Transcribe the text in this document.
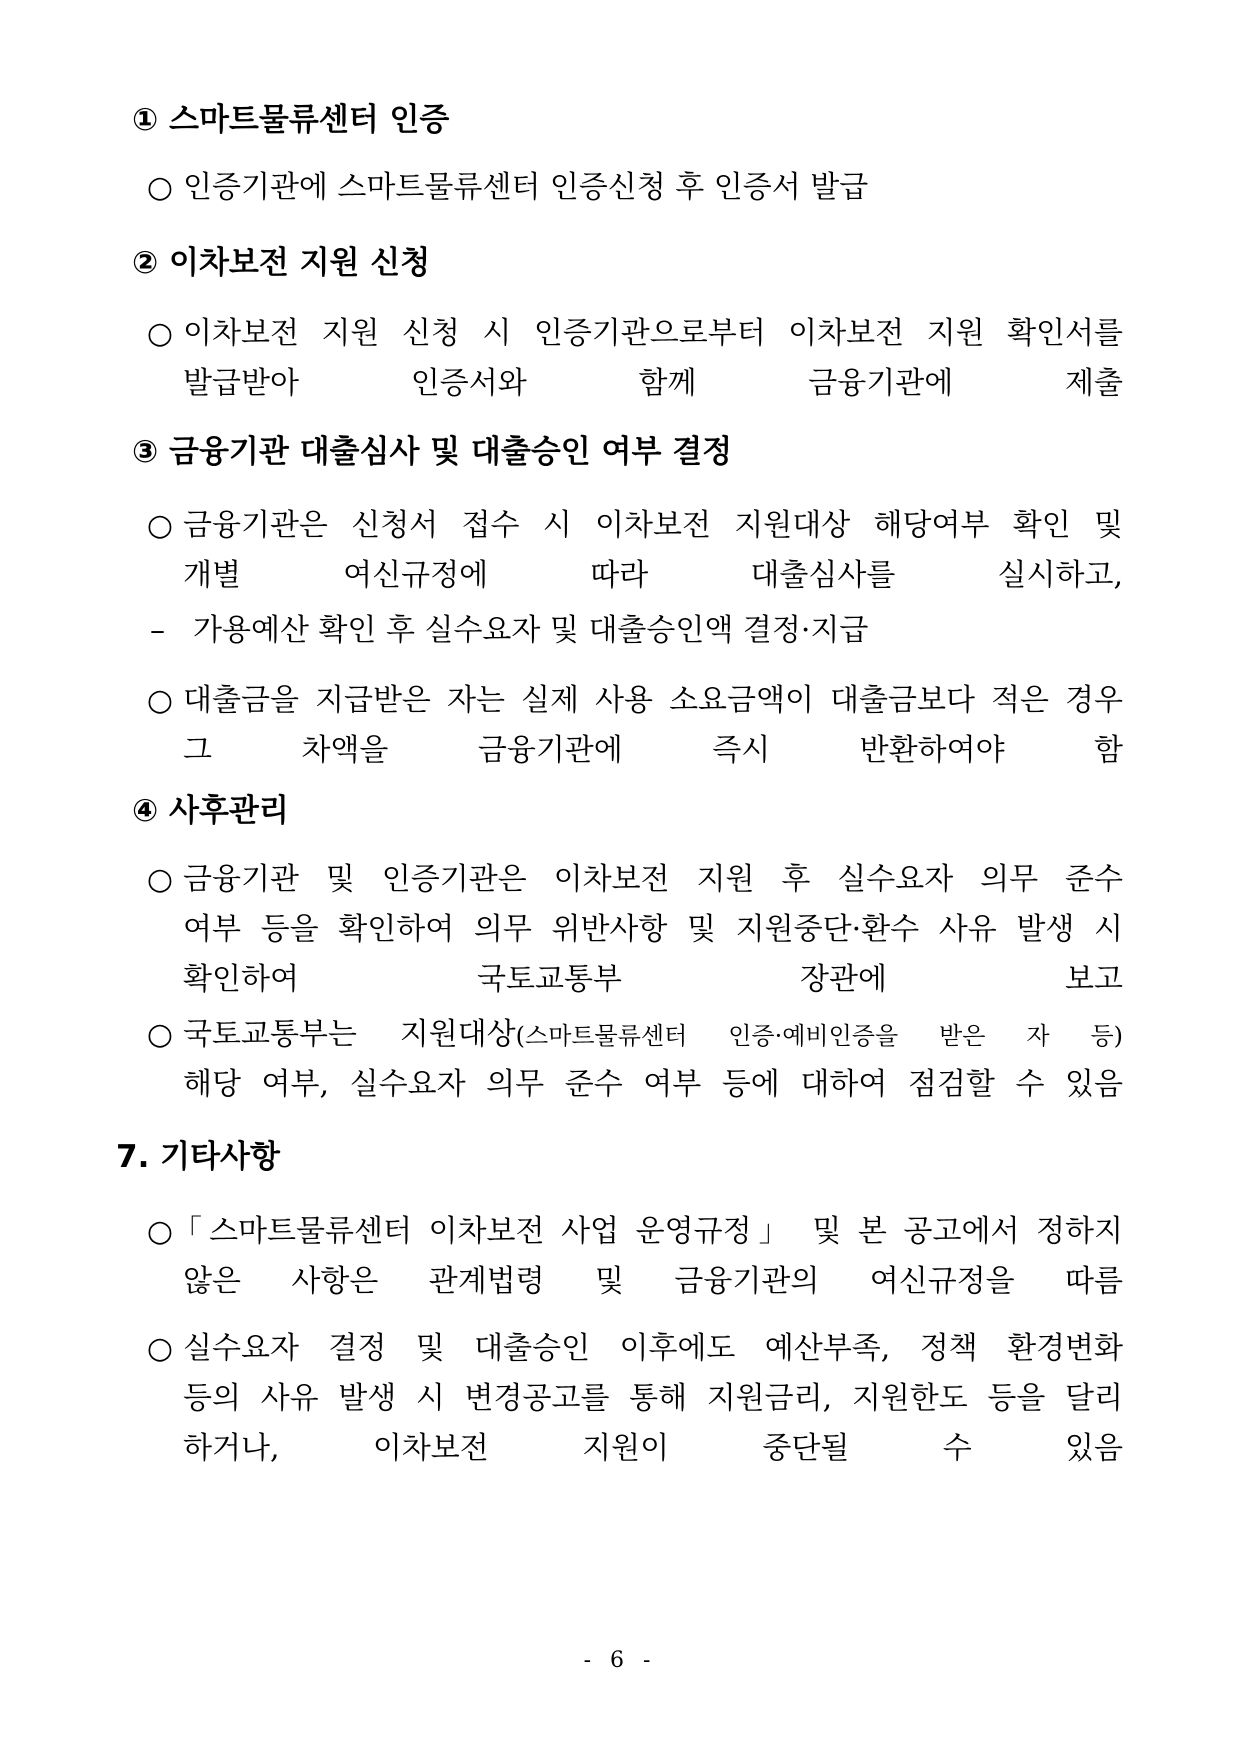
① 스마트물류센터 인증
○ 인증기관에 스마트물류센터 인증신청 후 인증서 발급
② 이차보전 지원 신청
○ 이차보전 지원 신청 시 인증기관으로부터 이차보전 지원 확인서를
발급받아 인증서와 함께 금융기관에 제출
③ 금융기관 대출심사 및 대출승인 여부 결정
○ 금융기관은 신청서 접수 시 이차보전 지원대상 해당여부 확인 및
개별 여신규정에 따라 대출심사를 실시하고,
– 가용예산 확인 후 실수요자 및 대출승인액 결정·지급
○ 대출금을 지급받은 자는 실제 사용 소요금액이 대출금보다 적은 경우
그 차액을 금융기관에 즉시 반환하여야 함
④ 사후관리
○ 금융기관 및 인증기관은 이차보전 지원 후 실수요자 의무 준수
여부 등을 확인하여 의무 위반사항 및 지원중단·환수 사유 발생 시
확인하여 국토교통부 장관에 보고
○ 국토교통부는 지원대상(스마트물류센터 인증·예비인증을 받은 자 등)
해당 여부, 실수요자 의무 준수 여부 등에 대하여 점검할 수 있음
7. 기타사항
○
「스마트물류센터 이차보전 사업 운영규정」 및 본 공고에서 정하지
않은 사항은 관계법령 및 금융기관의 여신규정을 따름
○ 실수요자 결정 및 대출승인 이후에도 예산부족, 정책 환경변화
등의 사유 발생 시 변경공고를 통해 지원금리, 지원한도 등을 달리
하거나, 이차보전 지원이 중단될 수 있음
- 6 -
